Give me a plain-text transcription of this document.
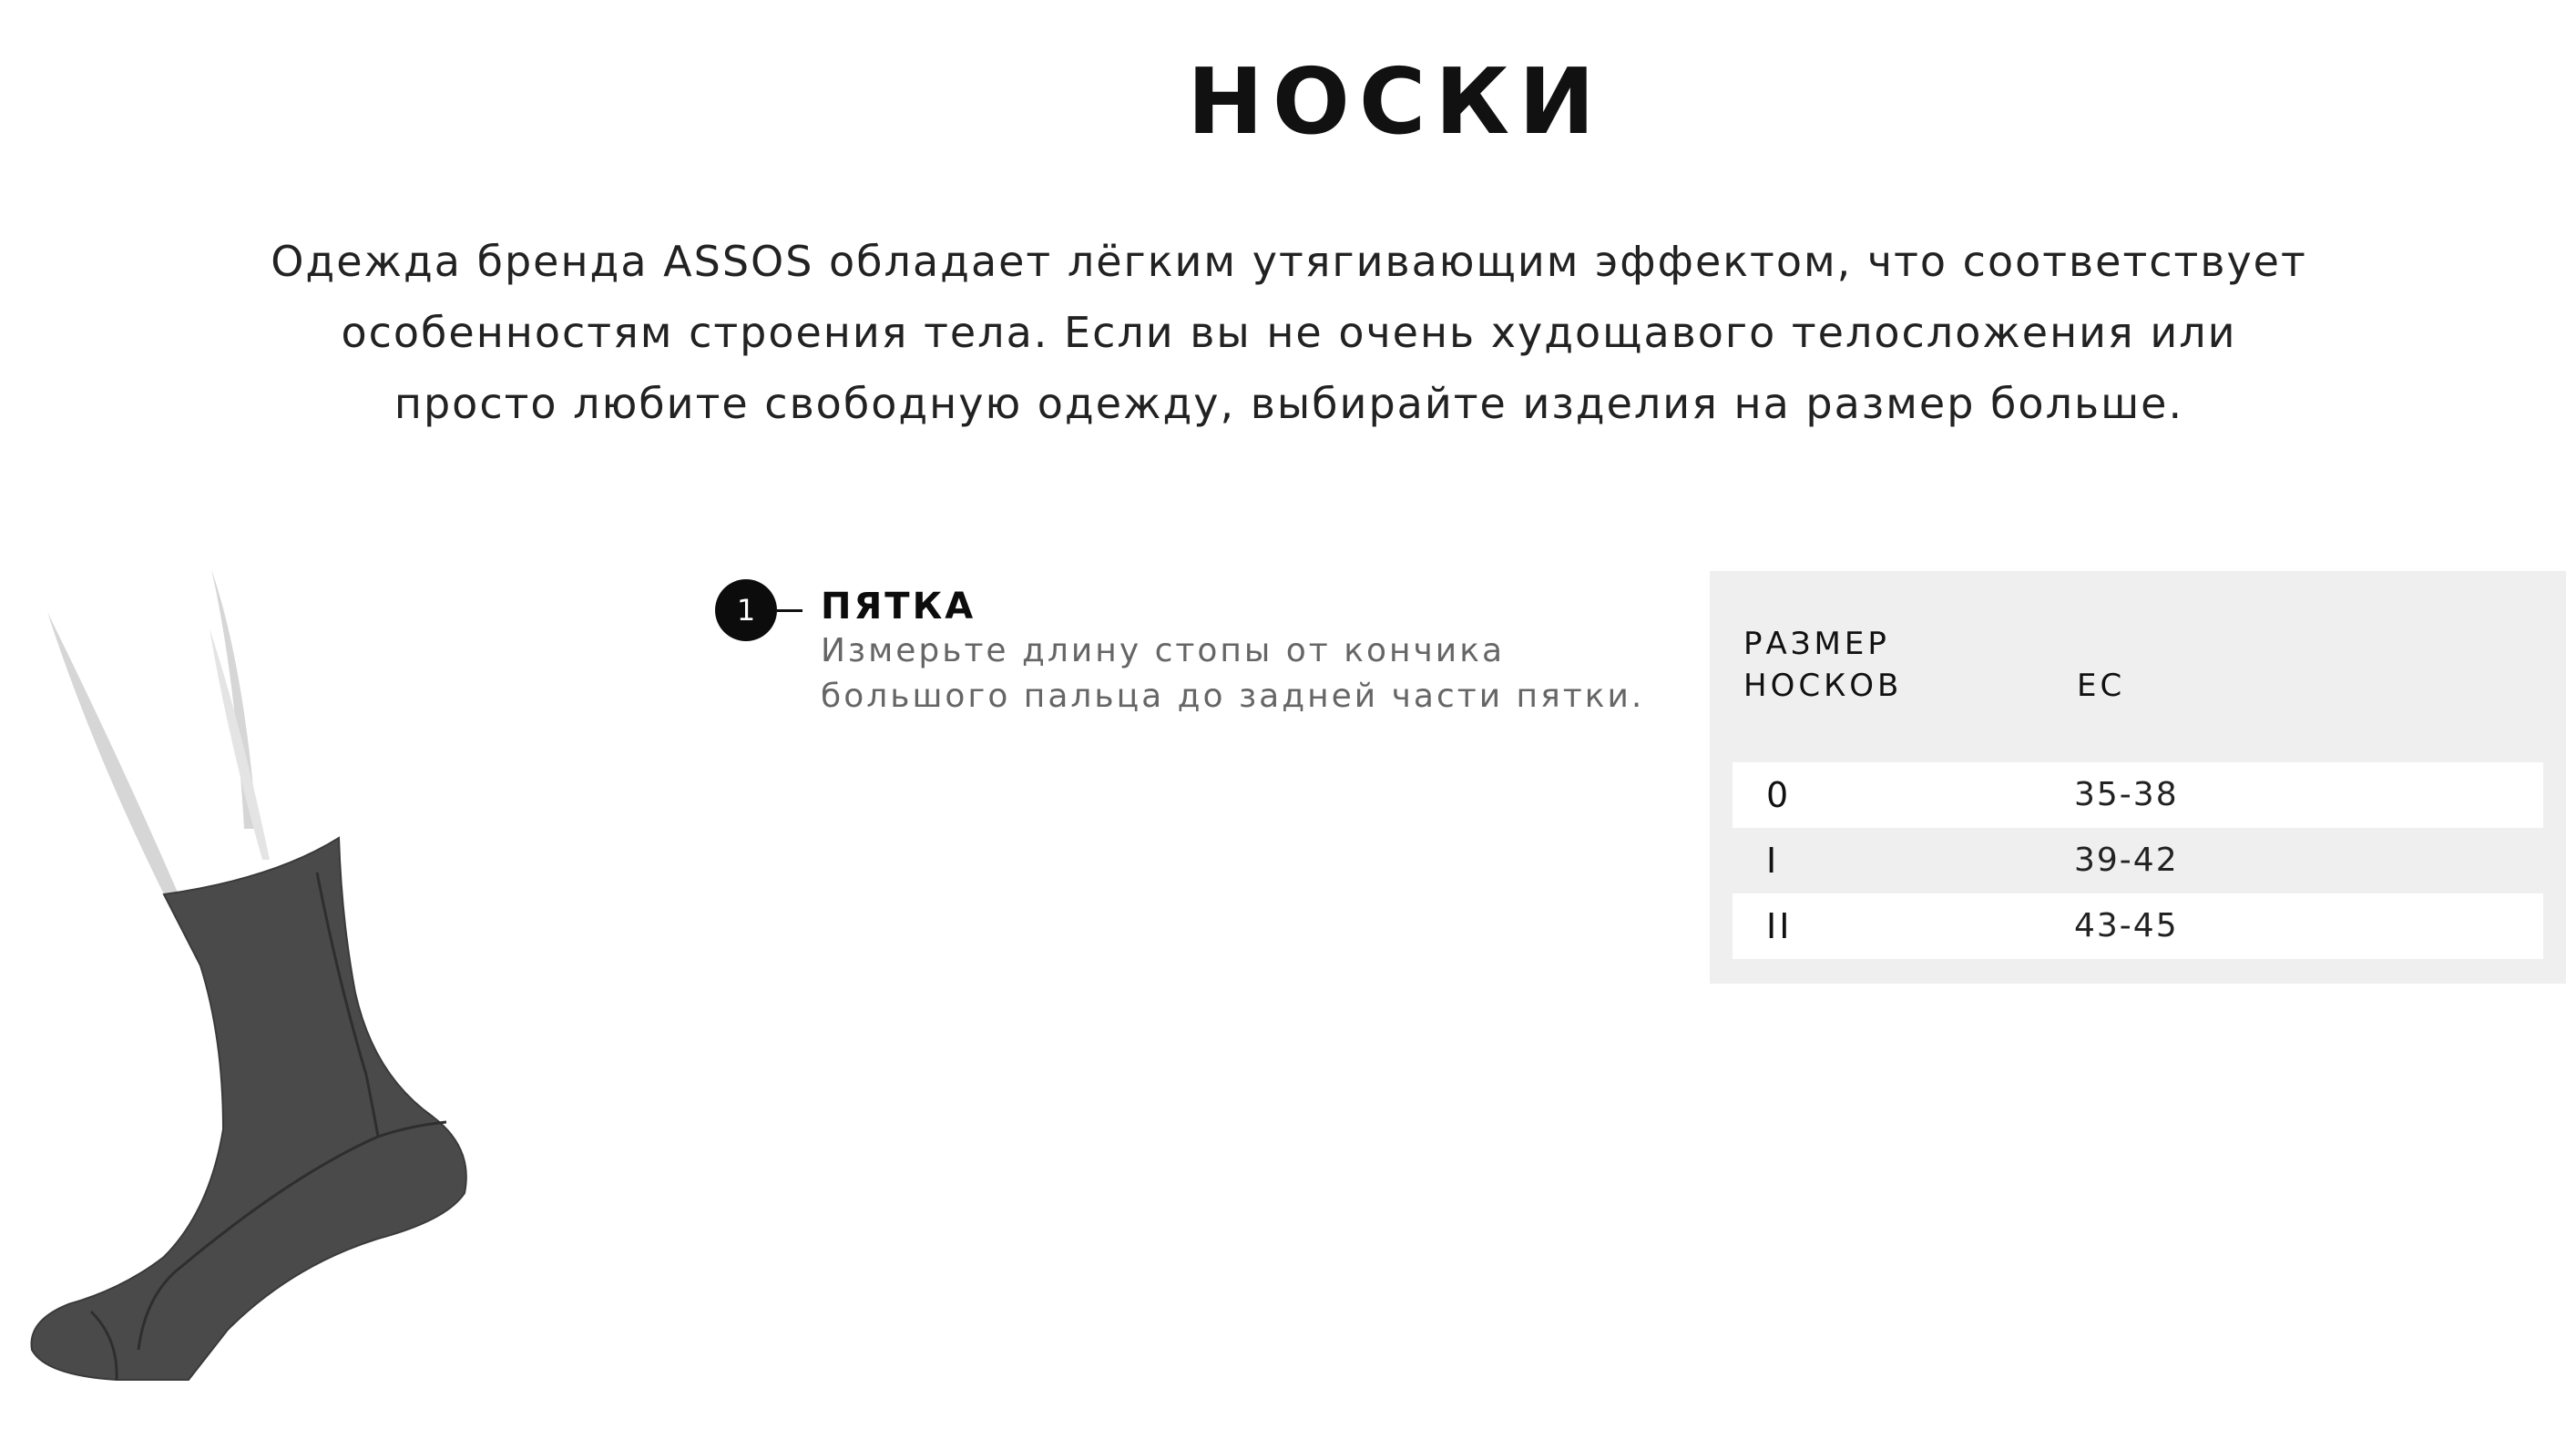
НОСКИ

Одежда бренда ASSOS обладает лёгким утягивающим эффектом, что соответствует
особенностям строения тела. Если вы не очень худощавого телосложения или
просто любите свободную одежду, выбирайте изделия на размер больше.

1	ПЯТКА
Измерьте длину стопы от кончика
большого пальца до задней части пятки.
РАЗМЕР
НОСКОВ	ЕС
0	35-38
I	39-42
II	43-45
